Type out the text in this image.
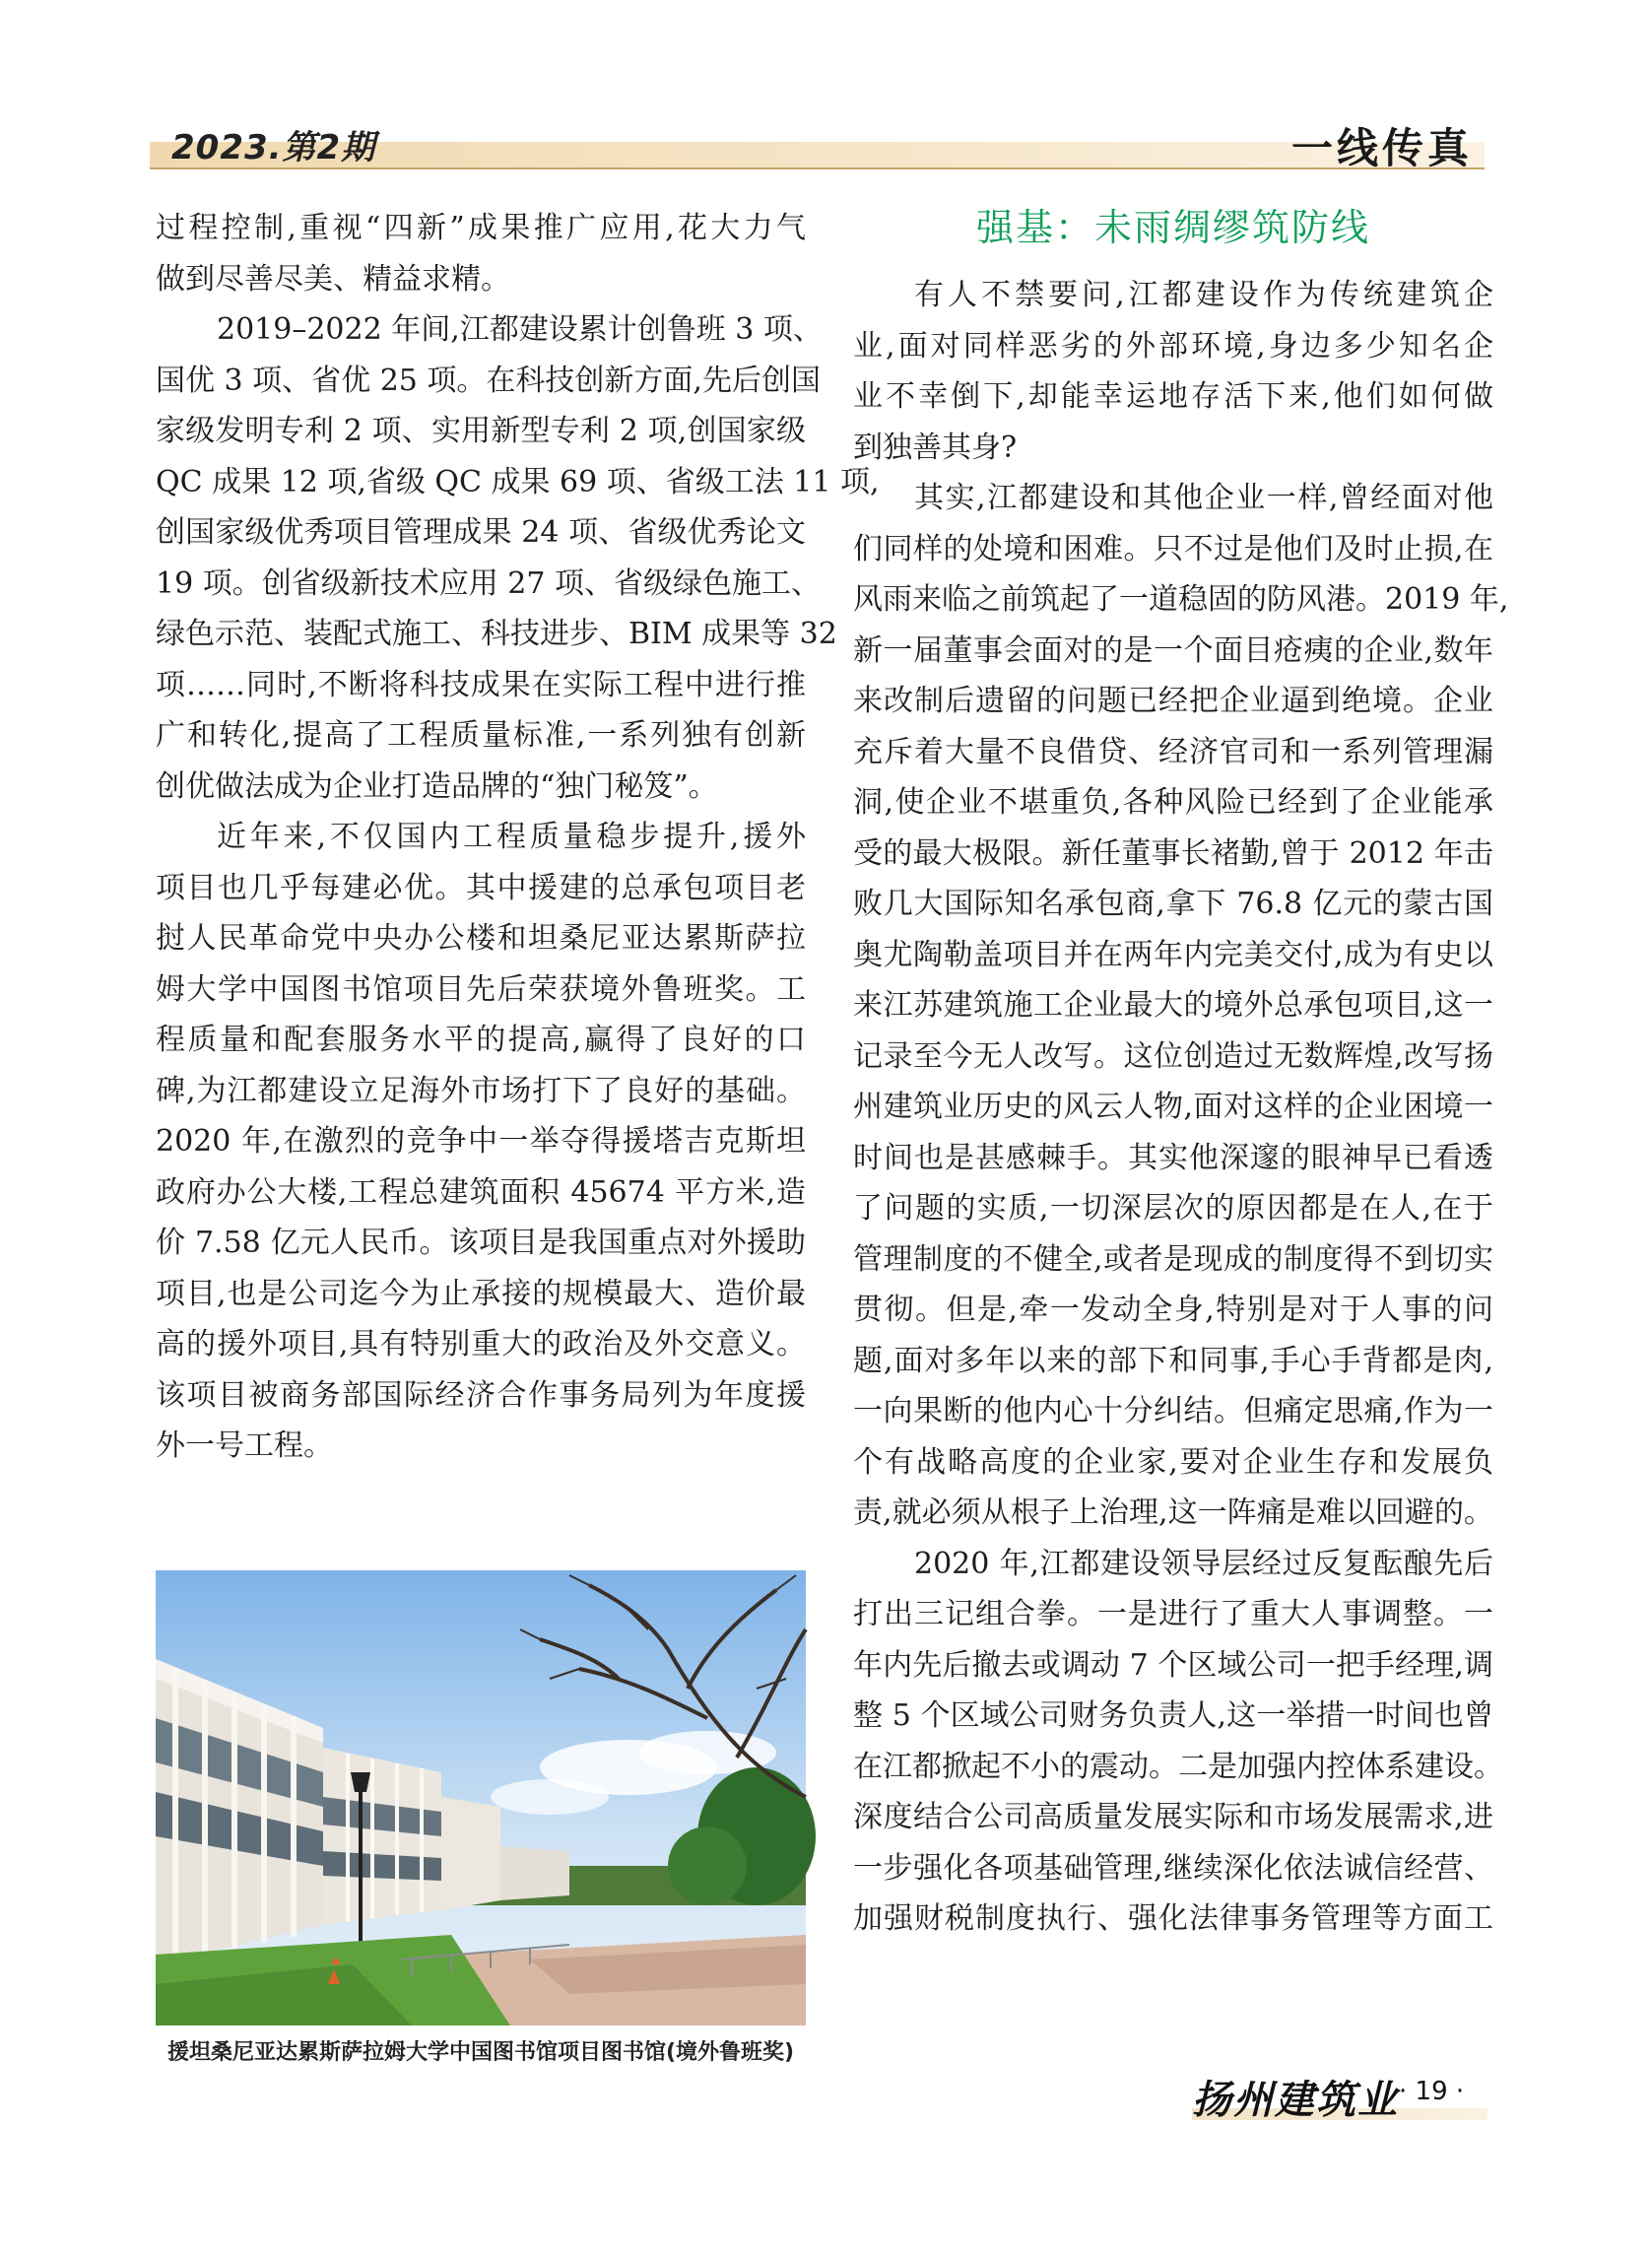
2023.第2期	一线传真
过程控制,重视“四新”成果推广应用,花大力气
做到尽善尽美、精益求精。
2019–2022 年间,江都建设累计创鲁班 3 项、
国优 3 项、省优 25 项。在科技创新方面,先后创国
家级发明专利 2 项、实用新型专利 2 项,创国家级
QC 成果 12 项,省级 QC 成果 69 项、省级工法 11 项,
创国家级优秀项目管理成果 24 项、省级优秀论文
19 项。创省级新技术应用 27 项、省级绿色施工、
绿色示范、装配式施工、科技进步、BIM 成果等 32
项……同时,不断将科技成果在实际工程中进行推
广和转化,提高了工程质量标准,一系列独有创新
创优做法成为企业打造品牌的“独门秘笈”。
近年来,不仅国内工程质量稳步提升,援外
项目也几乎每建必优。其中援建的总承包项目老
挝人民革命党中央办公楼和坦桑尼亚达累斯萨拉
姆大学中国图书馆项目先后荣获境外鲁班奖。工
程质量和配套服务水平的提高,赢得了良好的口
碑,为江都建设立足海外市场打下了良好的基础。
2020 年,在激烈的竞争中一举夺得援塔吉克斯坦
政府办公大楼,工程总建筑面积 45674 平方米,造
价 7.58 亿元人民币。该项目是我国重点对外援助
项目,也是公司迄今为止承接的规模最大、造价最
高的援外项目,具有特别重大的政治及外交意义。
该项目被商务部国际经济合作事务局列为年度援
外一号工程。
援坦桑尼亚达累斯萨拉姆大学中国图书馆项目图书馆(境外鲁班奖)
强基：未雨绸缪筑防线
有人不禁要问,江都建设作为传统建筑企
业,面对同样恶劣的外部环境,身边多少知名企
业不幸倒下,却能幸运地存活下来,他们如何做
到独善其身?
其实,江都建设和其他企业一样,曾经面对他
们同样的处境和困难。只不过是他们及时止损,在
风雨来临之前筑起了一道稳固的防风港。2019 年,
新一届董事会面对的是一个面目疮痍的企业,数年
来改制后遗留的问题已经把企业逼到绝境。企业
充斥着大量不良借贷、经济官司和一系列管理漏
洞,使企业不堪重负,各种风险已经到了企业能承
受的最大极限。新任董事长褚勤,曾于 2012 年击
败几大国际知名承包商,拿下 76.8 亿元的蒙古国
奥尤陶勒盖项目并在两年内完美交付,成为有史以
来江苏建筑施工企业最大的境外总承包项目,这一
记录至今无人改写。这位创造过无数辉煌,改写扬
州建筑业历史的风云人物,面对这样的企业困境一
时间也是甚感棘手。其实他深邃的眼神早已看透
了问题的实质,一切深层次的原因都是在人,在于
管理制度的不健全,或者是现成的制度得不到切实
贯彻。但是,牵一发动全身,特别是对于人事的问
题,面对多年以来的部下和同事,手心手背都是肉,
一向果断的他内心十分纠结。但痛定思痛,作为一
个有战略高度的企业家,要对企业生存和发展负
责,就必须从根子上治理,这一阵痛是难以回避的。
2020 年,江都建设领导层经过反复酝酿先后
打出三记组合拳。一是进行了重大人事调整。一
年内先后撤去或调动 7 个区域公司一把手经理,调
整 5 个区域公司财务负责人,这一举措一时间也曾
在江都掀起不小的震动。二是加强内控体系建设。
深度结合公司高质量发展实际和市场发展需求,进
一步强化各项基础管理,继续深化依法诚信经营、
加强财税制度执行、强化法律事务管理等方面工
扬州建筑业 · 19 ·
